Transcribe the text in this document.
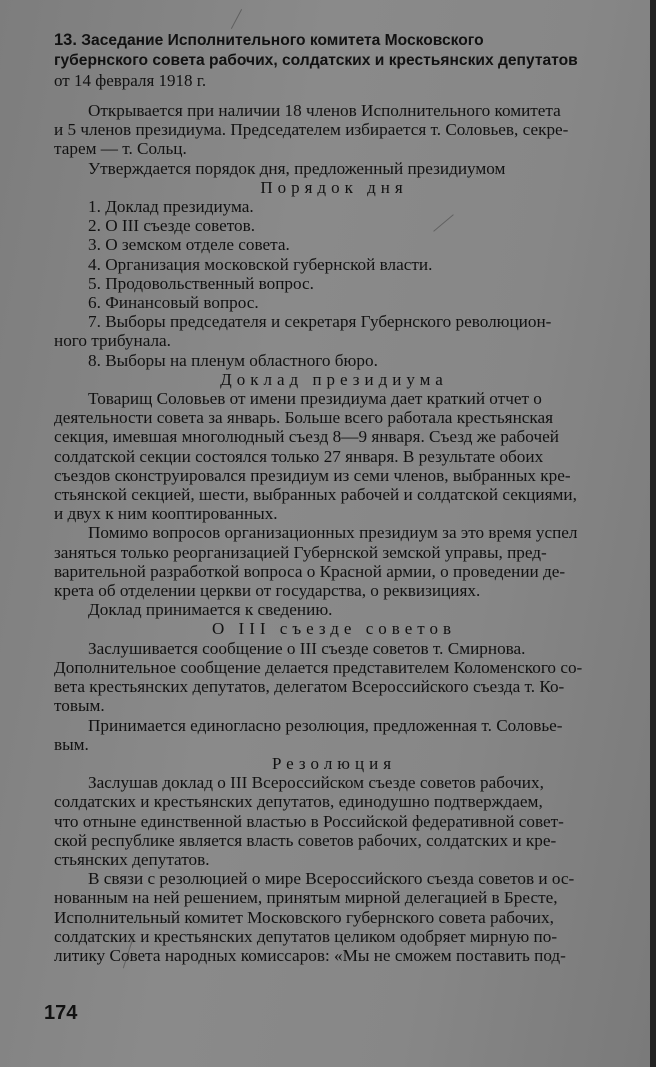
13. Заседание Исполнительного комитета Московского
губернского совета рабочих, солдатских и крестьянских депутатов
от 14 февраля 1918 г.
Открывается при наличии 18 членов Исполнительного комитета
и 5 членов президиума. Председателем избирается т. Соловьев, секре-
тарем — т. Сольц.
Утверждается порядок дня, предложенный президиумом
Порядок дня
1. Доклад президиума.
2. О III съезде советов.
3. О земском отделе совета.
4. Организация московской губернской власти.
5. Продовольственный вопрос.
6. Финансовый вопрос.
7. Выборы председателя и секретаря Губернского революцион-
ного трибунала.
8. Выборы на пленум областного бюро.
Доклад президиума
Товарищ Соловьев от имени президиума дает краткий отчет о
деятельности совета за январь. Больше всего работала крестьянская
секция, имевшая многолюдный съезд 8—9 января. Съезд же рабочей
солдатской секции состоялся только 27 января. В результате обоих
съездов сконструировался президиум из семи членов, выбранных кре-
стьянской секцией, шести, выбранных рабочей и солдатской секциями,
и двух к ним кооптированных.
Помимо вопросов организационных президиум за это время успел
заняться только реорганизацией Губернской земской управы, пред-
варительной разработкой вопроса о Красной армии, о проведении де-
крета об отделении церкви от государства, о реквизициях.
Доклад принимается к сведению.
О III съезде советов
Заслушивается сообщение о III съезде советов т. Смирнова.
Дополнительное сообщение делается представителем Коломенского со-
вета крестьянских депутатов, делегатом Всероссийского съезда т. Ко-
товым.
Принимается единогласно резолюция, предложенная т. Соловье-
вым.
Резолюция
Заслушав доклад о III Всероссийском съезде советов рабочих,
солдатских и крестьянских депутатов, единодушно подтверждаем,
что отныне единственной властью в Российской федеративной совет-
ской республике является власть советов рабочих, солдатских и кре-
стьянских депутатов.
В связи с резолюцией о мире Всероссийского съезда советов и ос-
нованным на ней решением, принятым мирной делегацией в Бресте,
Исполнительный комитет Московского губернского совета рабочих,
солдатских и крестьянских депутатов целиком одобряет мирную по-
литику Совета народных комиссаров: «Мы не сможем поставить под-
174
